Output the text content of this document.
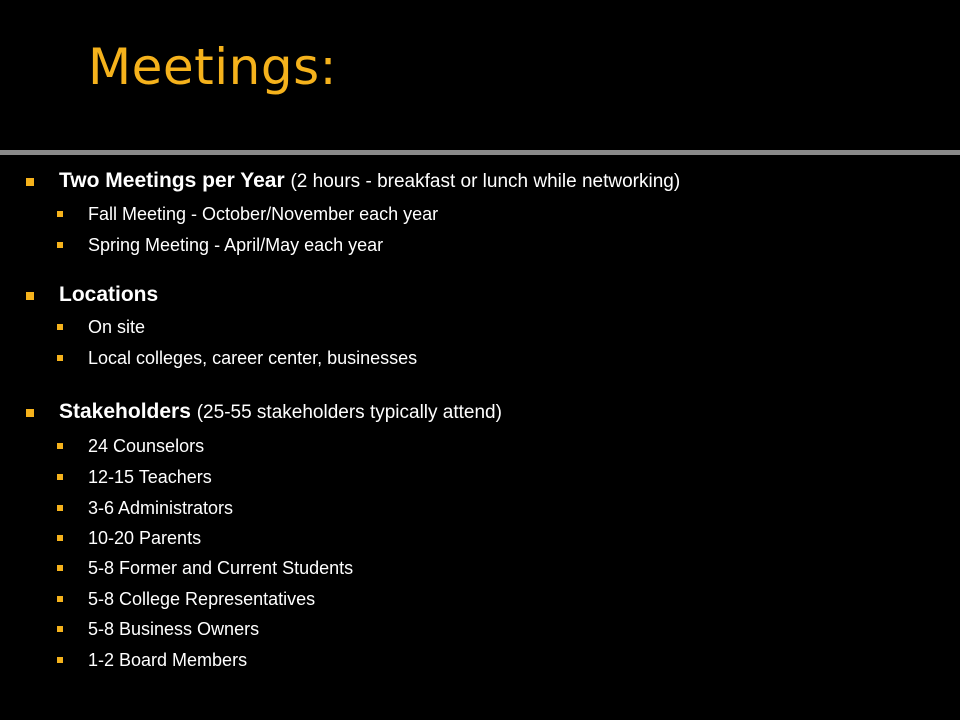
Meetings:
Two Meetings per Year (2 hours - breakfast or lunch while networking)
Fall Meeting - October/November each year
Spring Meeting - April/May each year
Locations
On site
Local colleges, career center, businesses
Stakeholders (25-55 stakeholders typically attend)
24 Counselors
12-15 Teachers
3-6 Administrators
10-20 Parents
5-8 Former and Current Students
5-8 College Representatives
5-8 Business Owners
1-2 Board Members
